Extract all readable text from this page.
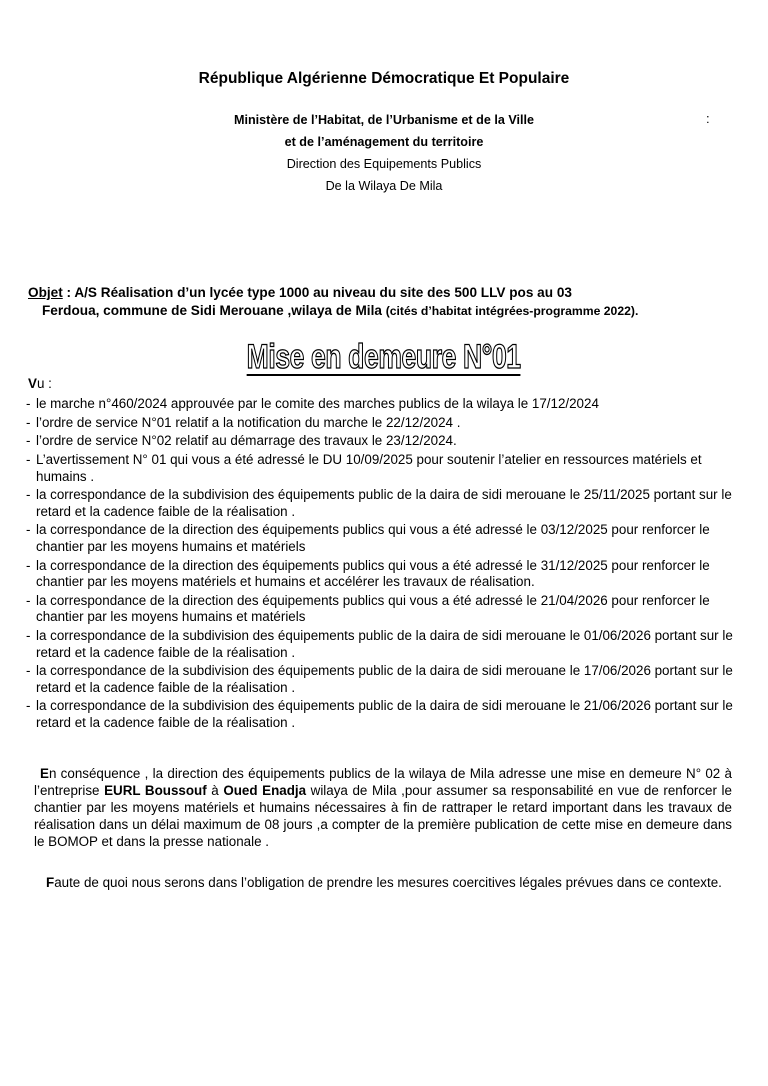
République Algérienne Démocratique Et Populaire
Ministère de l’Habitat, de l’Urbanisme et de la Ville	:
et de l’aménagement du territoire
Direction des Equipements Publics
De la Wilaya De Mila
Objet : A/S Réalisation d’un lycée type 1000 au niveau du site des 500 LLV pos au 03
Ferdoua, commune de Sidi Merouane ,wilaya de Mila (cités d’habitat intégrées-programme 2022).
Mise en demeure N°01
Vu :
- le marche n°460/2024 approuvée par le comite des marches publics de la wilaya le 17/12/2024
- l’ordre de service N°01 relatif a la notification du marche le 22/12/2024 .
- l’ordre de service N°02 relatif au démarrage des travaux le 23/12/2024.
- L’avertissement N° 01 qui vous a été adressé le DU 10/09/2025 pour soutenir l’atelier en ressources matériels et humains .
- la correspondance de la subdivision des équipements public de la daira de sidi merouane le 25/11/2025 portant sur le retard et la cadence faible de la réalisation .
- la correspondance de la direction des équipements publics qui vous a été adressé le 03/12/2025 pour renforcer le chantier par les moyens humains et matériels
- la correspondance de la direction des équipements publics qui vous a été adressé le 31/12/2025 pour renforcer le chantier par les moyens matériels et humains et accélérer les travaux de réalisation.
- la correspondance de la direction des équipements publics qui vous a été adressé le 21/04/2026 pour renforcer le chantier par les moyens humains et matériels
- la correspondance de la subdivision des équipements public de la daira de sidi merouane le 01/06/2026 portant sur le retard et la cadence faible de la réalisation .
- la correspondance de la subdivision des équipements public de la daira de sidi merouane le 17/06/2026 portant sur le retard et la cadence faible de la réalisation .
- la correspondance de la subdivision des équipements public de la daira de sidi merouane le 21/06/2026 portant sur le retard et la cadence faible de la réalisation .
En conséquence , la direction des équipements publics de la wilaya de Mila adresse une mise en demeure N° 02 à l’entreprise EURL Boussouf à Oued Enadja wilaya de Mila ,pour assumer sa responsabilité en vue de renforcer le chantier par les moyens matériels et humains nécessaires à fin de rattraper le retard important dans les travaux de réalisation dans un délai maximum de 08 jours ,a compter de la première publication de cette mise en demeure dans le BOMOP et dans la presse nationale .
Faute de quoi nous serons dans l’obligation de prendre les mesures coercitives légales prévues dans ce contexte.
